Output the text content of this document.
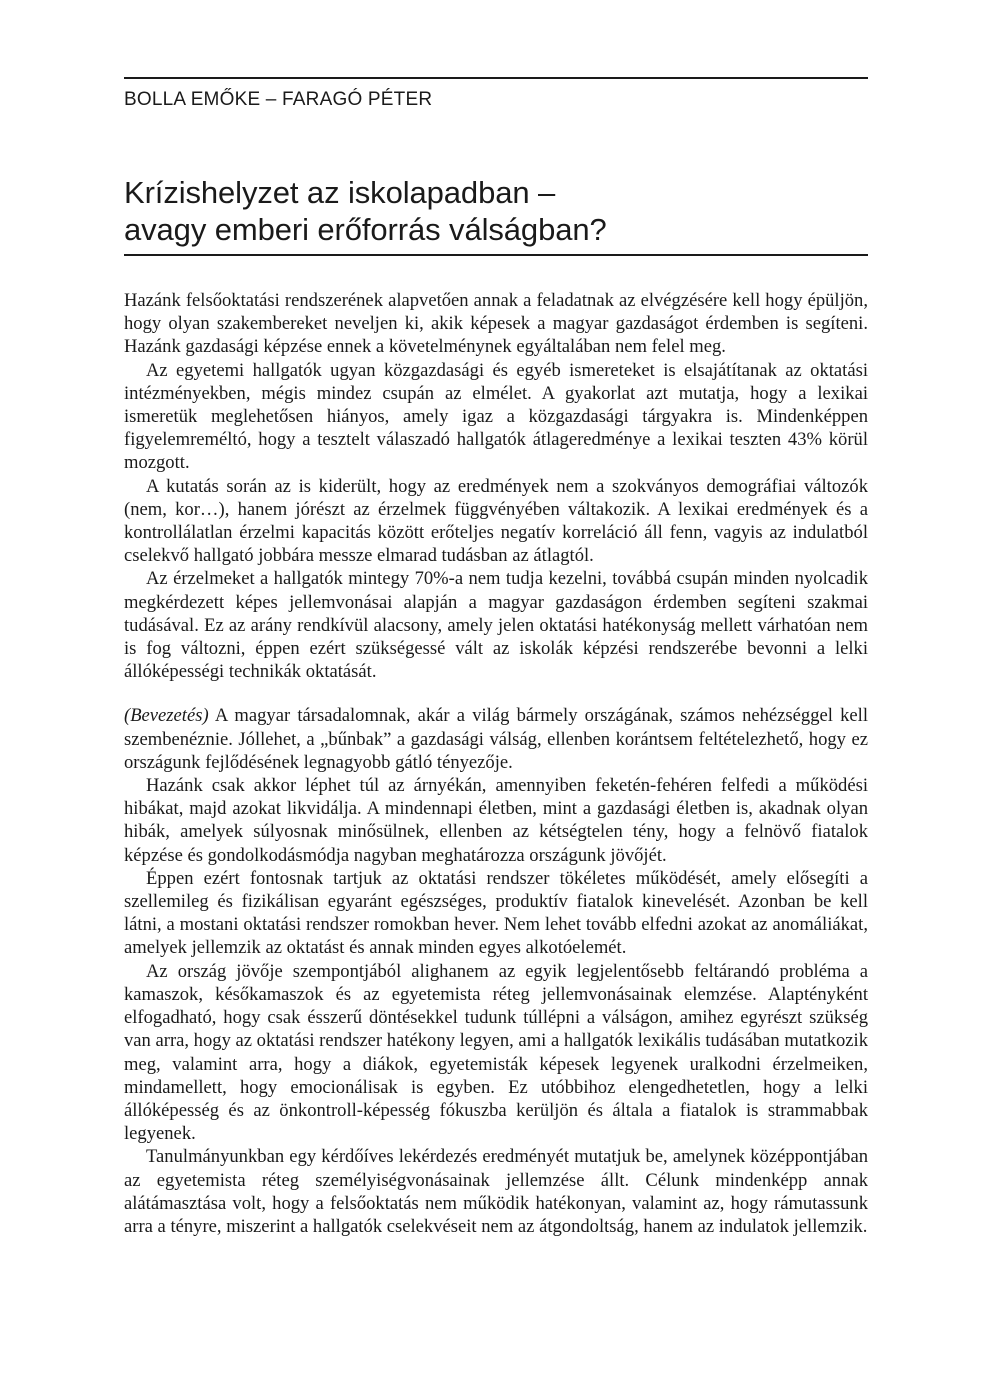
BOLLA EMŐKE – FARAGÓ PÉTER
Krízishelyzet az iskolapadban –
avagy emberi erőforrás válságban?

Hazánk felsőoktatási rendszerének alapvetően annak a feladatnak az elvégzésére kell hogy épüljön, hogy olyan szakembereket neveljen ki, akik képesek a magyar gazdaságot érdemben is segíteni. Hazánk gazdasági képzése ennek a követelménynek egyáltalában nem felel meg.

Az egyetemi hallgatók ugyan közgazdasági és egyéb ismereteket is elsajátítanak az oktatási intézményekben, mégis mindez csupán az elmélet. A gyakorlat azt mutatja, hogy a lexikai ismeretük meglehetősen hiányos, amely igaz a közgazdasági tárgyakra is. Mindenképpen figyelemreméltó, hogy a tesztelt válaszadó hallgatók átlageredménye a lexikai teszten 43% körül mozgott.

A kutatás során az is kiderült, hogy az eredmények nem a szokványos demográfiai változók (nem, kor…), hanem jórészt az érzelmek függvényében váltakozik. A lexikai eredmények és a kontrollálatlan érzelmi kapacitás között erőteljes negatív korreláció áll fenn, vagyis az indulatból cselekvő hallgató jobbára messze elmarad tudásban az átlagtól.

Az érzelmeket a hallgatók mintegy 70%-a nem tudja kezelni, továbbá csupán minden nyolcadik megkérdezett képes jellemvonásai alapján a magyar gazdaságon érdemben segíteni szakmai tudásával. Ez az arány rendkívül alacsony, amely jelen oktatási hatékonyság mellett várhatóan nem is fog változni, éppen ezért szükségessé vált az iskolák képzési rendszerébe bevonni a lelki állóképességi technikák oktatását.

(Bevezetés) A magyar társadalomnak, akár a világ bármely országának, számos nehézséggel kell szembenéznie. Jóllehet, a „bűnbak” a gazdasági válság, ellenben korántsem feltételezhető, hogy ez országunk fejlődésének legnagyobb gátló tényezője.

Hazánk csak akkor léphet túl az árnyékán, amennyiben feketén-fehéren felfedi a működési hibákat, majd azokat likvidálja. A mindennapi életben, mint a gazdasági életben is, akadnak olyan hibák, amelyek súlyosnak minősülnek, ellenben az kétségtelen tény, hogy a felnövő fiatalok képzése és gondolkodásmódja nagyban meghatározza országunk jövőjét.

Éppen ezért fontosnak tartjuk az oktatási rendszer tökéletes működését, amely elősegíti a szellemileg és fizikálisan egyaránt egészséges, produktív fiatalok kinevelését. Azonban be kell látni, a mostani oktatási rendszer romokban hever. Nem lehet tovább elfedni azokat az anomáliákat, amelyek jellemzik az oktatást és annak minden egyes alkotóelemét.

Az ország jövője szempontjából alighanem az egyik legjelentősebb feltárandó probléma a kamaszok, későkamaszok és az egyetemista réteg jellemvonásainak elemzése. Alaptényként elfogadható, hogy csak ésszerű döntésekkel tudunk túllépni a válságon, amihez egyrészt szükség van arra, hogy az oktatási rendszer hatékony legyen, ami a hallgatók lexikális tudásában mutatkozik meg, valamint arra, hogy a diákok, egyetemisták képesek legyenek uralkodni érzelmeiken, mindamellett, hogy emocionálisak is egyben. Ez utóbbihoz elengedhetetlen, hogy a lelki állóképesség és az önkontroll-képesség fókuszba kerüljön és általa a fiatalok is strammabbak legyenek.

Tanulmányunkban egy kérdőíves lekérdezés eredményét mutatjuk be, amelynek középpontjában az egyetemista réteg személyiségvonásainak jellemzése állt. Célunk mindenképp annak alátámasztása volt, hogy a felsőoktatás nem működik hatékonyan, valamint az, hogy rámutassunk arra a tényre, miszerint a hallgatók cselekvéseit nem az átgondoltság, hanem az indulatok jellemzik.
